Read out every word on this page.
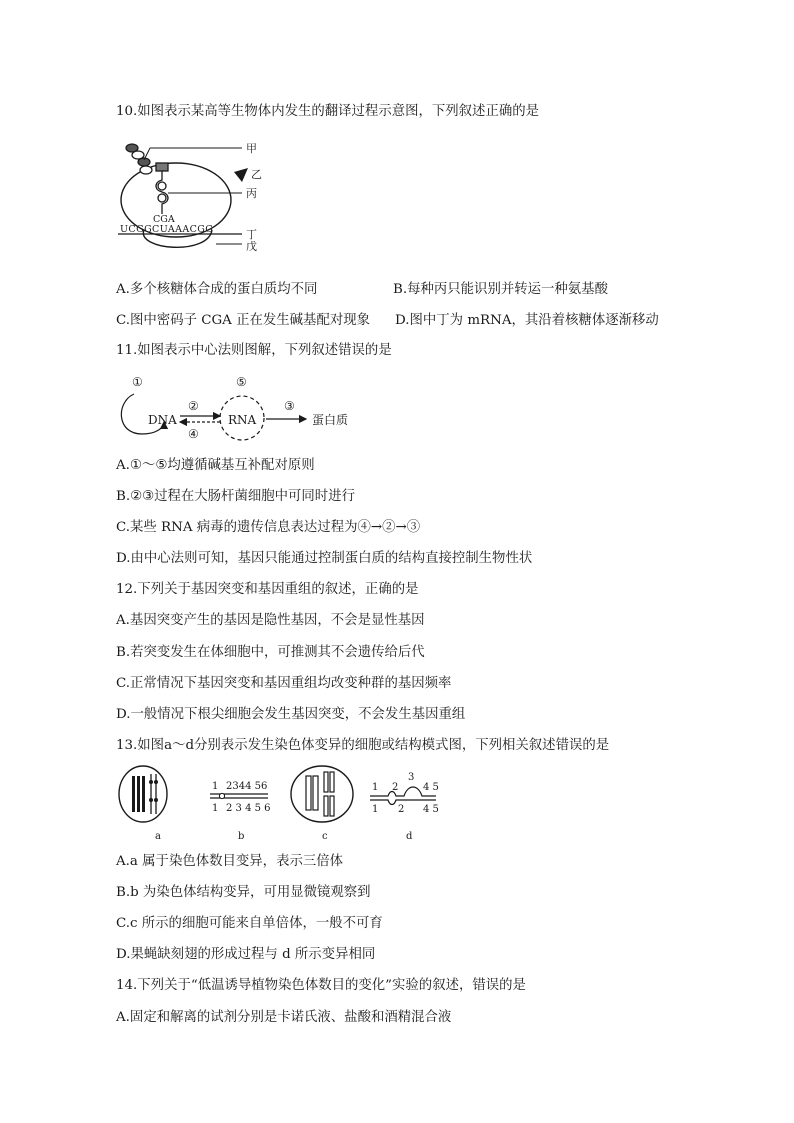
10.如图表示某高等生物体内发生的翻译过程示意图，下列叙述正确的是
甲
乙
丙
CGA
UCGGCUAAACGG	丁
戊
A.多个核糖体合成的蛋白质均不同	B.每种丙只能识别并转运一种氨基酸
C.图中密码子 CGA 正在发生碱基配对现象 D.图中丁为 mRNA，其沿着核糖体逐渐移动
11.如图表示中心法则图解，下列叙述错误的是
①
DNA
②
④
⑤
RNA
③
蛋白质
A.①～⑤均遵循碱基互补配对原则
B.②③过程在大肠杆菌细胞中可同时进行
C.某些 RNA 病毒的遗传信息表达过程为④→②→③
D.由中心法则可知，基因只能通过控制蛋白质的结构直接控制生物性状
12.下列关于基因突变和基因重组的叙述，正确的是
A.基因突变产生的基因是隐性基因，不会是显性基因
B.若突变发生在体细胞中，可推测其不会遗传给后代
C.正常情况下基因突变和基因重组均改变种群的基因频率
D.一般情况下根尖细胞会发生基因突变，不会发生基因重组
13.如图a～d分别表示发生染色体变异的细胞或结构模式图，下列相关叙述错误的是
a
1 2344 56
1 2 3 4 5 6
b	c
1 2
3
4 5
1 2 4 5
d
A.a 属于染色体数目变异，表示三倍体
B.b 为染色体结构变异，可用显微镜观察到
C.c 所示的细胞可能来自单倍体，一般不可育
D.果蝇缺刻翅的形成过程与 d 所示变异相同
14.下列关于“低温诱导植物染色体数目的变化”实验的叙述，错误的是
A.固定和解离的试剂分别是卡诺氏液、盐酸和酒精混合液
